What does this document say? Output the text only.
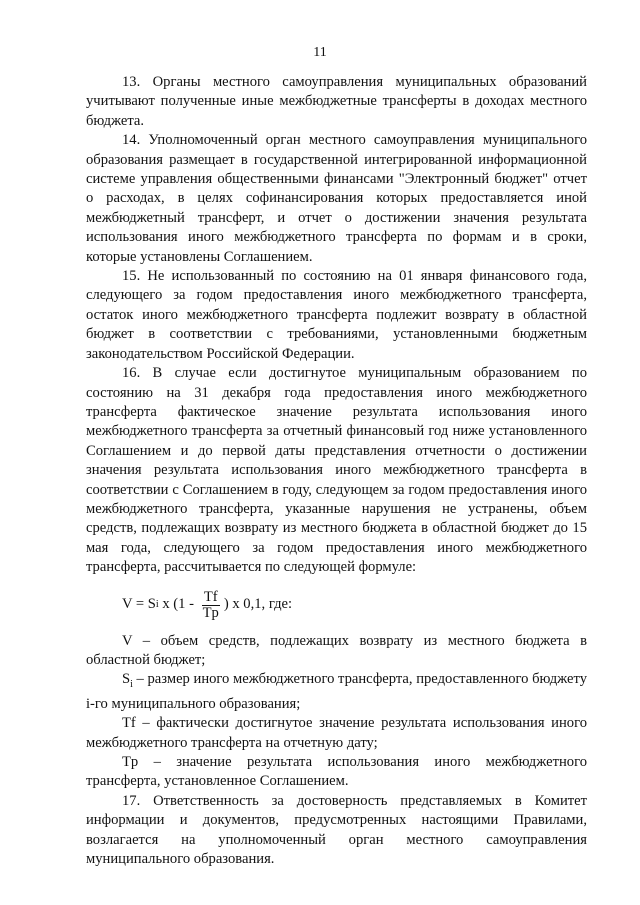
11

13. Органы местного самоуправления муниципальных образований учитывают полученные иные межбюджетные трансферты в доходах местного бюджета.

14. Уполномоченный орган местного самоуправления муниципального образования размещает в государственной интегрированной информационной системе управления общественными финансами "Электронный бюджет" отчет о расходах, в целях софинансирования которых предоставляется иной межбюджетный трансферт, и отчет о достижении значения результата использования иного межбюджетного трансферта по формам и в сроки, которые установлены Соглашением.

15. Не использованный по состоянию на 01 января финансового года, следующего за годом предоставления иного межбюджетного трансферта, остаток иного межбюджетного трансферта подлежит возврату в областной бюджет в соответствии с требованиями, установленными бюджетным законодательством Российской Федерации.

16. В случае если достигнутое муниципальным образованием по состоянию на 31 декабря года предоставления иного межбюджетного трансферта фактическое значение результата использования иного межбюджетного трансферта за отчетный финансовый год ниже установленного Соглашением и до первой даты представления отчетности о достижении значения результата использования иного межбюджетного трансферта в соответствии с Соглашением в году, следующем за годом предоставления иного межбюджетного трансферта, указанные нарушения не устранены, объем средств, подлежащих возврату из местного бюджета в областной бюджет до 15 мая года, следующего за годом предоставления иного межбюджетного трансферта, рассчитывается по следующей формуле:

V = S i x ($1 - \frac{Tf}{Tp}$ ) x 0,1, где:

V – объем средств, подлежащих возврату из местного бюджета в областной бюджет;

$S_i$ – размер иного межбюджетного трансферта, предоставленного бюджету i-го муниципального образования;

Tf – фактически достигнутое значение результата использования иного межбюджетного трансферта на отчетную дату;

Tp – значение результата использования иного межбюджетного трансферта, установленное Соглашением.

17. Ответственность за достоверность представляемых в Комитет информации и документов, предусмотренных настоящими Правилами, возлагается на уполномоченный орган местного самоуправления муниципального образования.
